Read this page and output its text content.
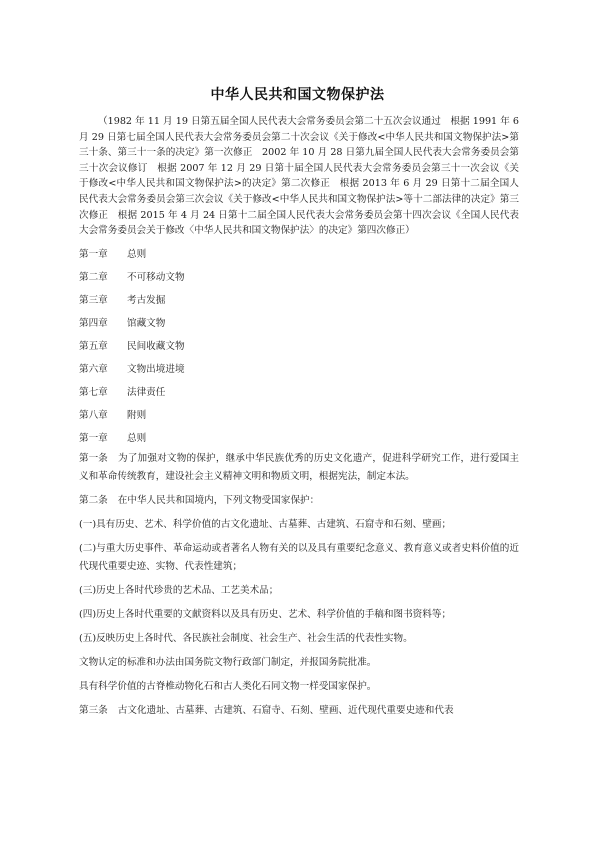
中华人民共和国文物保护法

（1982 年 11 月 19 日第五届全国人民代表大会常务委员会第二十五次会议通过　根据 1991 年 6 月 29 日第七届全国人民代表大会常务委员会第二十次会议《关于修改<中华人民共和国文物保护法>第三十条、第三十一条的决定》第一次修正　2002 年 10 月 28 日第九届全国人民代表大会常务委员会第三十次会议修订　根据 2007 年 12 月 29 日第十届全国人民代表大会常务委员会第三十一次会议《关于修改<中华人民共和国文物保护法>的决定》第二次修正　根据 2013 年 6 月 29 日第十二届全国人民代表大会常务委员会第三次会议《关于修改<中华人民共和国文物保护法>等十二部法律的决定》第三次修正　根据 2015 年 4 月 24 日第十二届全国人民代表大会常务委员会第十四次会议《全国人民代表大会常务委员会关于修改〈中华人民共和国文物保护法〉的决定》第四次修正）

第一章 总则
第二章 不可移动文物
第三章 考古发掘
第四章 馆藏文物
第五章 民间收藏文物
第六章 文物出境进境
第七章 法律责任
第八章 附则
第一章 总则

第一条 为了加强对文物的保护，继承中华民族优秀的历史文化遗产，促进科学研究工作，进行爱国主义和革命传统教育，建设社会主义精神文明和物质文明，根据宪法，制定本法。

第二条 在中华人民共和国境内，下列文物受国家保护：

(一)具有历史、艺术、科学价值的古文化遗址、古墓葬、古建筑、石窟寺和石刻、壁画；

(二)与重大历史事件、革命运动或者著名人物有关的以及具有重要纪念意义、教育意义或者史料价值的近代现代重要史迹、实物、代表性建筑；

(三)历史上各时代珍贵的艺术品、工艺美术品；

(四)历史上各时代重要的文献资料以及具有历史、艺术、科学价值的手稿和图书资料等；

(五)反映历史上各时代、各民族社会制度、社会生产、社会生活的代表性实物。

文物认定的标准和办法由国务院文物行政部门制定，并报国务院批准。

具有科学价值的古脊椎动物化石和古人类化石同文物一样受国家保护。

第三条 古文化遗址、古墓葬、古建筑、石窟寺、石刻、壁画、近代现代重要史迹和代表
